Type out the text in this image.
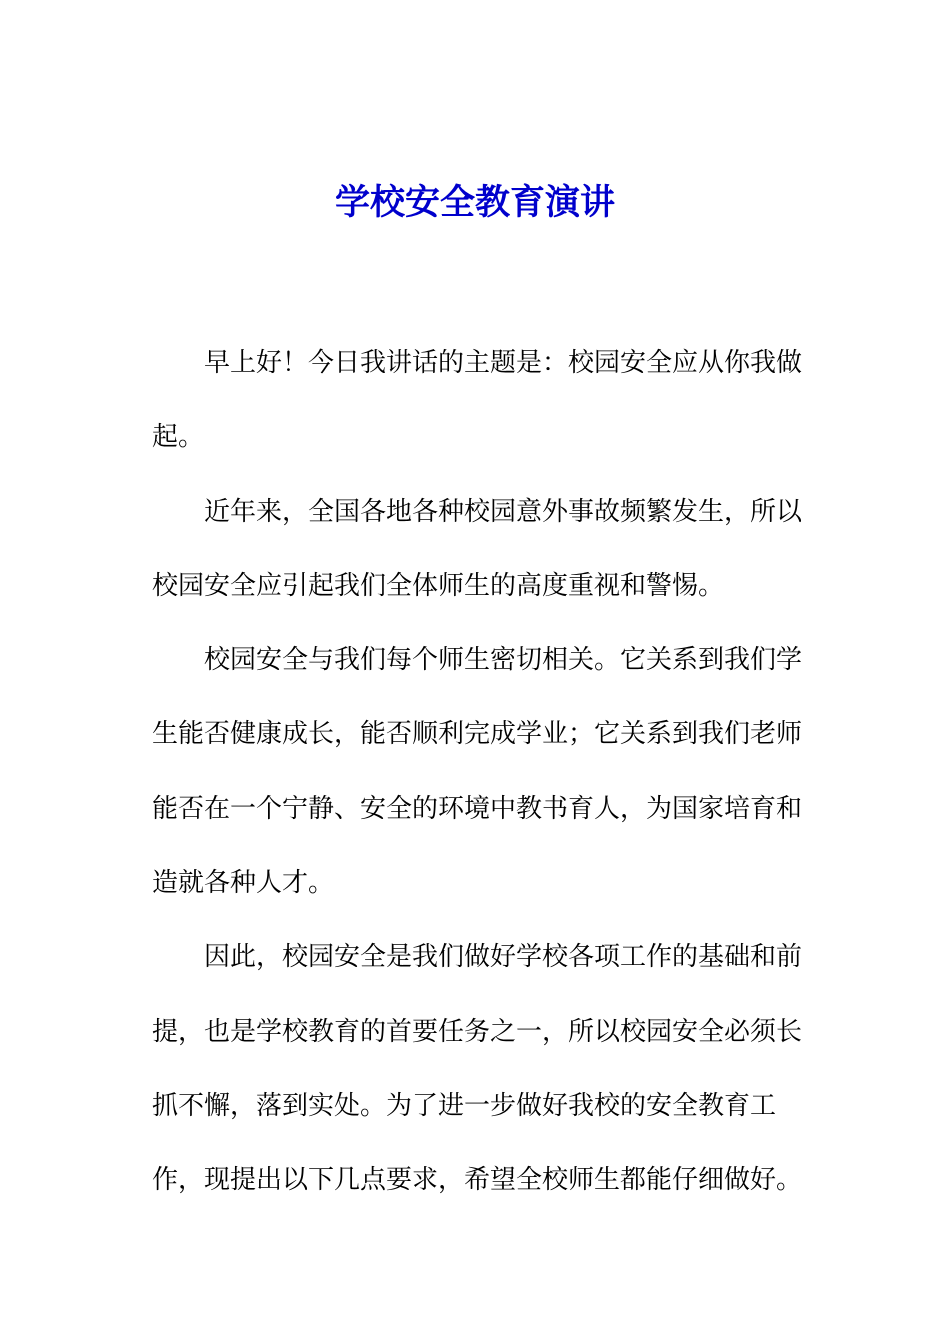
学校安全教育演讲

早上好！今日我讲话的主题是：校园安全应从你我做

起。

近年来，全国各地各种校园意外事故频繁发生，所以

校园安全应引起我们全体师生的高度重视和警惕。

校园安全与我们每个师生密切相关。它关系到我们学

生能否健康成长，能否顺利完成学业；它关系到我们老师

能否在一个宁静、安全的环境中教书育人，为国家培育和

造就各种人才。

因此，校园安全是我们做好学校各项工作的基础和前

提，也是学校教育的首要任务之一，所以校园安全必须长

抓不懈，落到实处。为了进一步做好我校的安全教育工

作，现提出以下几点要求，希望全校师生都能仔细做好。
